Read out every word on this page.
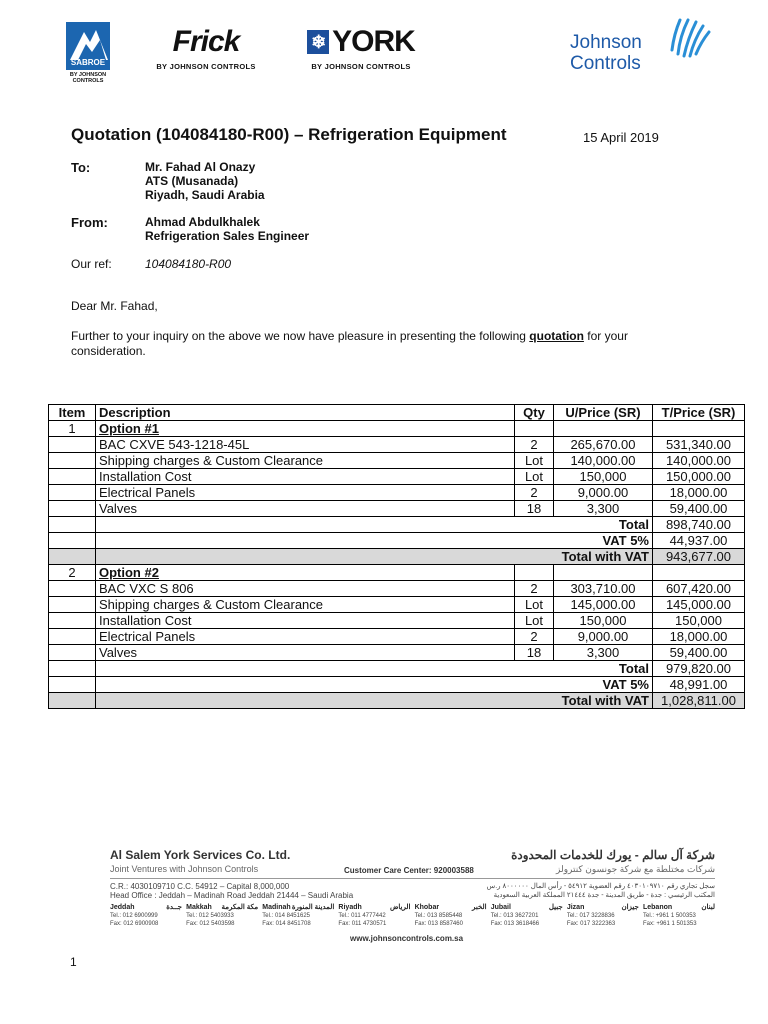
SABROE
BY JOHNSON CONTROLS
Frick
BY JOHNSON CONTROLS
❄ YORK
BY JOHNSON CONTROLS
Johnson
Controls
Quotation (104084180-R00) – Refrigeration Equipment	15 April 2019
To:	Mr. Fahad Al Onazy
ATS (Musanada)
Riyadh, Saudi Arabia
From:	Ahmad Abdulkhalek
Refrigeration Sales Engineer
Our ref:	104084180-R00
Dear Mr. Fahad,
Further to your inquiry on the above we now have pleasure in presenting the following quotation for your consideration.
Item	Description	Qty	U/Price (SR)	T/Price (SR)
1	Option #1			
	BAC CXVE 543-1218-45L	2	265,670.00	531,340.00
	Shipping charges & Custom Clearance	Lot	140,000.00	140,000.00
	Installation Cost	Lot	150,000	150,000.00
	Electrical Panels	2	9,000.00	18,000.00
	Valves	18	3,300	59,400.00
	Total			898,740.00
	VAT 5%			44,937.00
	Total with VAT			943,677.00
2	Option #2			
	BAC VXC S 806	2	303,710.00	607,420.00
	Shipping charges & Custom Clearance	Lot	145,000.00	145,000.00
	Installation Cost	Lot	150,000	150,000
	Electrical Panels	2	9,000.00	18,000.00
	Valves	18	3,300	59,400.00
	Total			979,820.00
	VAT 5%			48,991.00
	Total with VAT			1,028,811.00
Al Salem York Services Co. Ltd.
Joint Ventures with Johnson Controls
شركة آل سالم - يورك للخدمات المحدودة
شركات مختلطة مع شركة جونسون كنترولز
Customer Care Center: 920003588
C.R.: 4030109710 C.C. 54912 – Capital 8,000,000
Head Office : Jeddah – Madinah Road Jeddah 21444 – Saudi Arabia
سجل تجاري رقم ٤٠٣٠١٠٩٧١٠ رقم العضوية ٥٤٩١٢ - رأس المال ٨٠٠٠٠٠٠ ر.س
المكتب الرئيسي : جدة - طريق المدينة - جدة ٢١٤٤٤ المملكة العربية السعودية
Jeddah	جــدة
Tel.: 012 6900999
Fax: 012 6900908
Makkah مكة المكرمة
Tel.: 012 5403933
Fax: 012 5403598
Madinah المدينة المنورة
Tel.: 014 8451625
Fax: 014 8451708
Riyadh	الرياض
Tel.: 011 4777442
Fax: 011 4730571
Khobar	الخبر
Tel.: 013 8585448
Fax: 013 8587460
Jubail	جبيل
Tel.: 013 3627201
Fax: 013 3618466
Jizan	جيزان
Tel.: 017 3228836
Fax: 017 3222363
Lebanon	لبنان
Tel.: +961 1 500353
Fax: +961 1 501353
www.johnsoncontrols.com.sa
1
